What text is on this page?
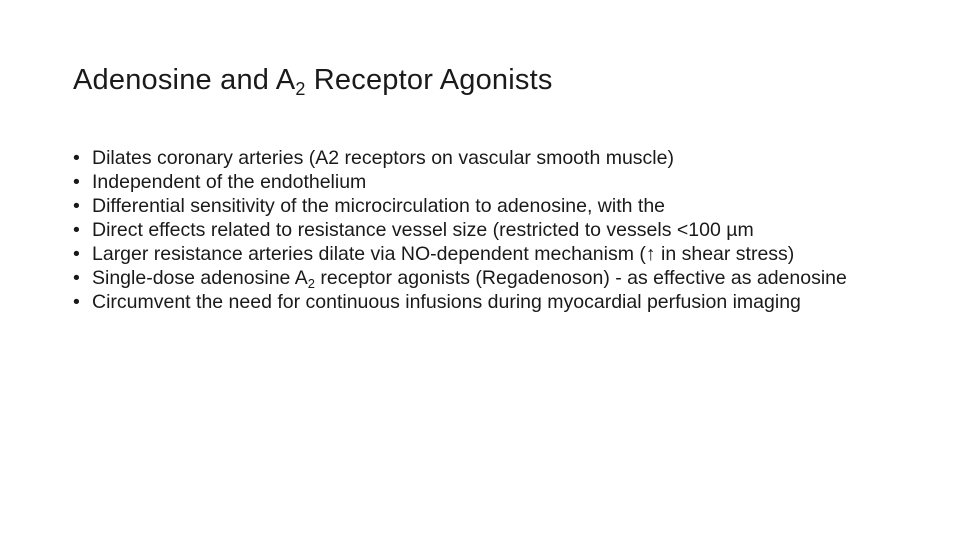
Adenosine and $A_2$ Receptor Agonists
• Dilates coronary arteries (A2 receptors on vascular smooth muscle)
• Independent of the endothelium
• Differential sensitivity of the microcirculation to adenosine, with the
• Direct effects related to resistance vessel size (restricted to vessels <100 µm
• Larger resistance arteries dilate via NO-dependent mechanism (↑ in shear stress)
• Single-dose adenosine $A_2$ receptor agonists (Regadenoson) - as effective as adenosine
• Circumvent the need for continuous infusions during myocardial perfusion imaging
